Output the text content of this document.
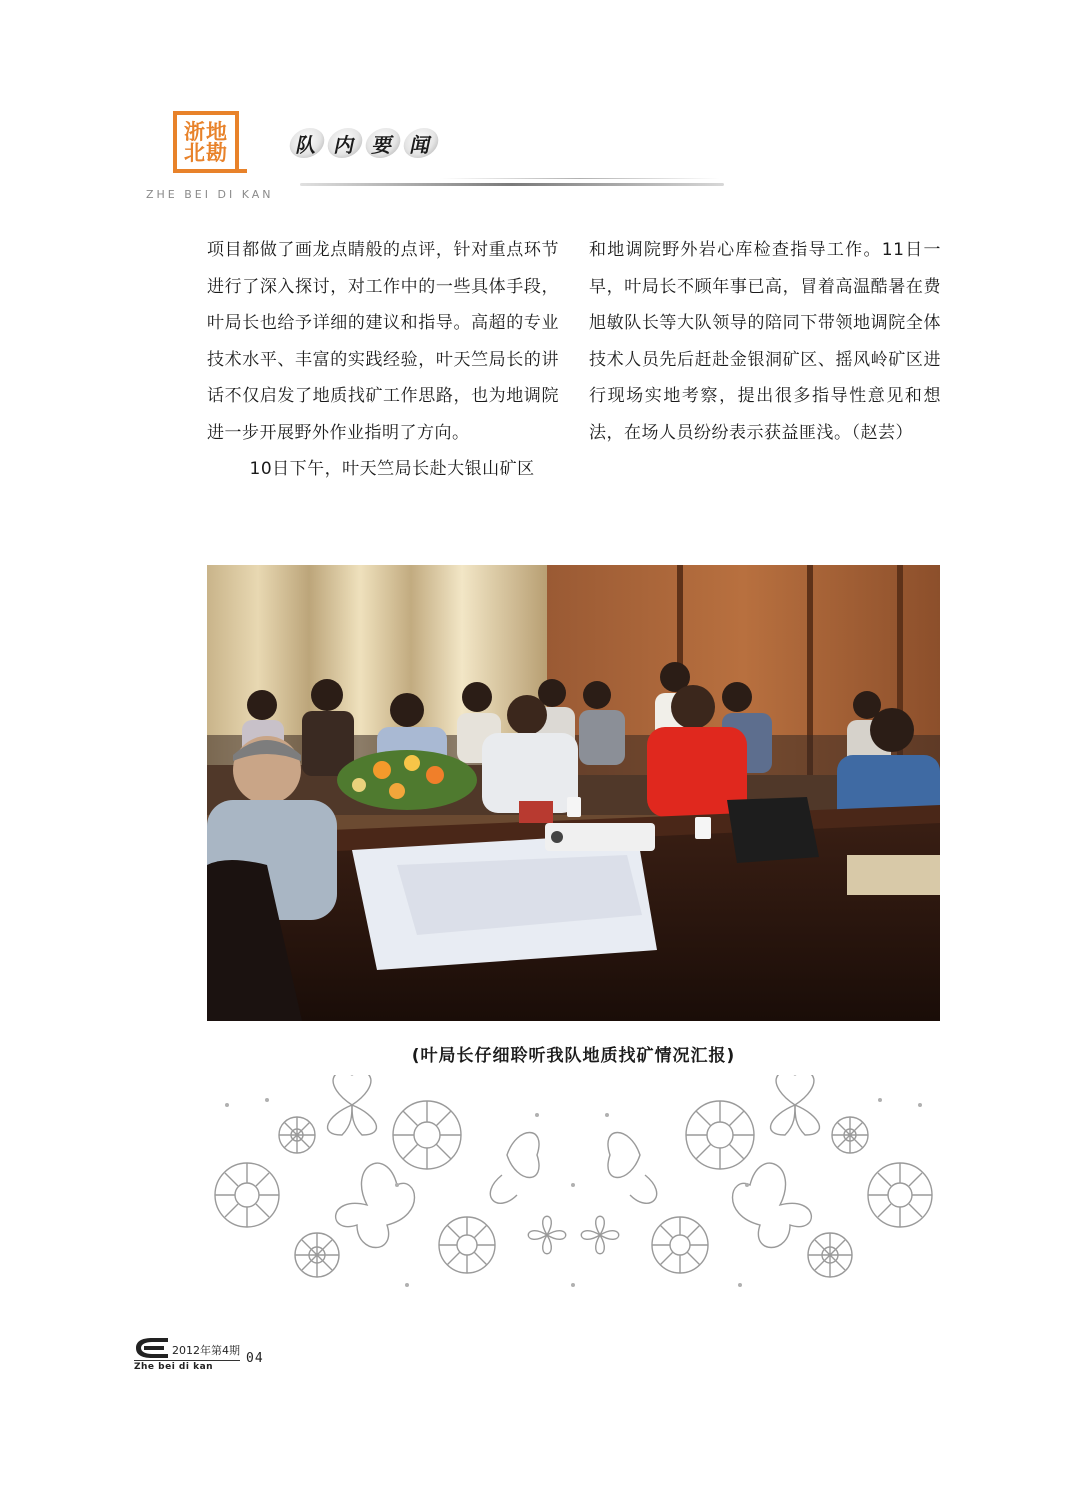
浙地
北勘
ZHE BEI DI KAN
队 内 要 闻

项目都做了画龙点睛般的点评，针对重点环节进行了深入探讨，对工作中的一些具体手段，叶局长也给予详细的建议和指导。高超的专业技术水平、丰富的实践经验，叶天竺局长的讲话不仅启发了地质找矿工作思路，也为地调院进一步开展野外作业指明了方向。

10日下午，叶天竺局长赴大银山矿区

和地调院野外岩心库检查指导工作。11日一早，叶局长不顾年事已高，冒着高温酷暑在费旭敏队长等大队领导的陪同下带领地调院全体技术人员先后赶赴金银洞矿区、摇风岭矿区进行现场实地考察，提出很多指导性意见和想法，在场人员纷纷表示获益匪浅。（赵芸）

(叶局长仔细聆听我队地质找矿情况汇报)
2012年第4期
04
Zhe bei di kan
